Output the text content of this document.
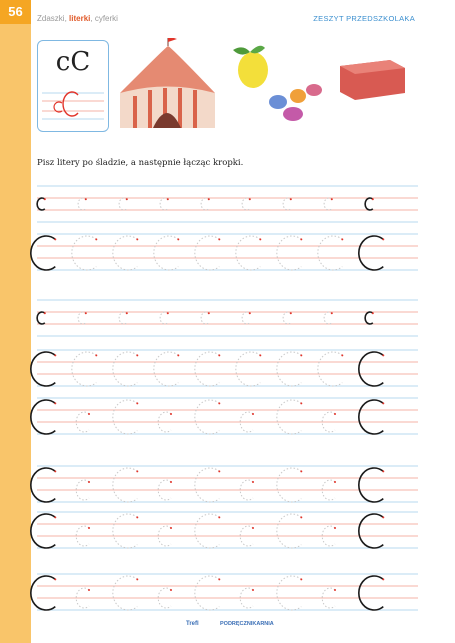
56	Zdaszki, literki, cyferki	ZESZYT PRZEDSZKOLAKA
cC
Pisz litery po śladzie, a następnie łącząc kropki.
Trefl	PODRĘCZNIKARNIA
